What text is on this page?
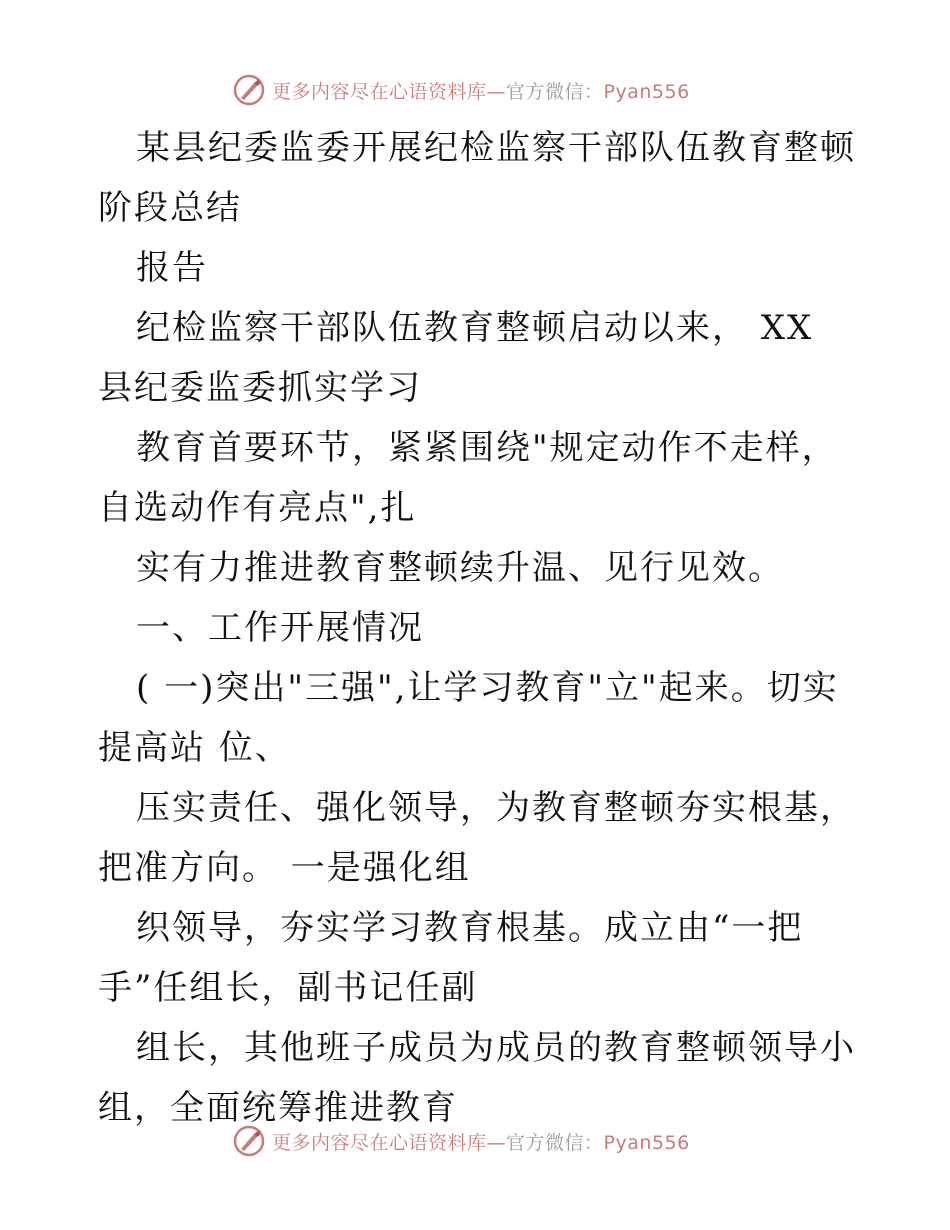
更多内容尽在心语资料库—官方微信：Pyan556

某县纪委监委开展纪检监察干部队伍教育整顿阶段总结

报告

纪检监察干部队伍教育整顿启动以来， XX 县纪委监委抓实学习

教育首要环节，紧紧围绕"规定动作不走样，自选动作有亮点",扎

实有力推进教育整顿续升温、见行见效。

一、工作开展情况

( 一)突出"三强",让学习教育"立"起来。切实提高站 位、

压实责任、强化领导，为教育整顿夯实根基，把准方向。 一是强化组

织领导，夯实学习教育根基。成立由“一把手”任组长，副书记任副

组长，其他班子成员为成员的教育整顿领导小组，全面统筹推进教育

更多内容尽在心语资料库—官方微信：Pyan556
